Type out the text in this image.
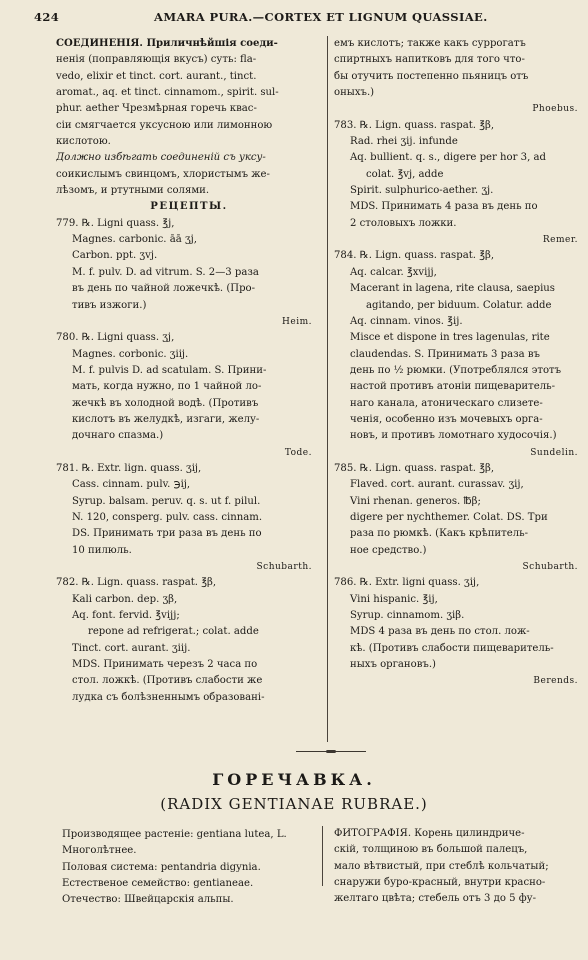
424	AMARA PURA.—CORTEX ET LIGNUM QUASSIAE.
СОЕДИНЕНІЯ. Приличнѣйшія соеди-
ненія (поправляющія вкусъ) суть: fla-
vedo, elixir et tinct. cort. aurant., tinct.
aromat., aq. et tinct. cinnamom., spirit. sul-
phur. aether Чрезмѣрная горечь квас-
сіи смягчается уксусною или лимонною
кислотою.
Должно избѣгать соединеній съ уксу-
соикислымъ свинцомъ, хлористымъ же-
лѣзомъ, и ртутными солями.
РЕЦЕПТЫ.
779. ℞. Ligni quass. ℥j,
Magnes. carbonic. āā ʒj,
Carbon. ppt. ʒvj.
M. f. pulv. D. ad vitrum. S. 2—3 раза
въ день по чайной ложечкѣ. (Про-
тивъ изжоги.)
Heim.
780. ℞. Ligni quass. ʒj,
Magnes. corbonic. ʒiij.
M. f. pulvis D. ad scatulam. S. Прини-
мать, когда нужно, по 1 чайной ло-
жечкѣ въ холодной водѣ. (Противъ
кислотъ въ желудкѣ, изгаги, желу-
дочнаго спазма.)
Tode.
781. ℞. Extr. lign. quass. ʒij,
Cass. cinnam. pulv. ℈ij,
Syrup. balsam. peruv. q. s. ut f. pilul.
N. 120, consperg. pulv. cass. cinnam.
DS. Принимать три раза въ день по
10 пилюль.
Schubarth.
782. ℞. Lign. quass. raspat. ℥β,
Kali carbon. dep. ʒβ,
Aq. font. fervid. ℥vijj;
repone ad refrigerat.; colat. adde
Tinct. cort. aurant. ʒiij.
MDS. Принимать черезъ 2 часа по
стол. ложкѣ. (Противъ слабости же
лудка съ болѣзненнымъ образовані-
емъ кислотъ; также какъ суррогатъ
спиртныхъ напитковъ для того что-
бы отучить постепенно пьяницъ отъ
оныхъ.)
Phoebus.
783. ℞. Lign. quass. raspat. ℥β,
Rad. rhei ʒij. infunde
Aq. bullient. q. s., digere per hor 3, ad
colat. ℥vj, adde
Spirit. sulphurico-aether. ʒj.
MDS. Принимать 4 раза въ день по
2 столовыхъ ложки.
Remer.
784. ℞. Lign. quass. raspat. ℥β,
Aq. calcar. ℥xvijj,
Macerant in lagena, rite clausa, saepius
agitando, per biduum. Colatur. adde
Aq. cinnam. vinos. ℥ij.
Misce et dispone in tres lagenulas, rite
claudendas. S. Принимать 3 раза въ
день по ½ рюмки. (Употреблялся этотъ
настой противъ атоніи пищеваритель-
наго канала, атоническаго слизете-
ченія, особенно изъ мочевыхъ орга-
новъ, и противъ ломотнаго худосочія.)
Sundelin.
785. ℞. Lign. quass. raspat. ℥β,
Flaved. cort. aurant. curassav. ʒij,
Vini rhenan. generos. ℔β;
digere per nychthemer. Colat. DS. Три
раза по рюмкѣ. (Какъ крѣпитель-
ное средство.)
Schubarth.
786. ℞. Extr. ligni quass. ʒij,
Vini hispanic. ℥ij,
Syrup. cinnamom. ʒiβ.
MDS 4 раза въ день по стол. лож-
кѣ. (Противъ слабости пищеваритель-
ныхъ органовъ.)
Berends.
ГОРЕЧАВКА.
(RADIX GENTIANAE RUBRAE.)
Производящее растеніе: gentiana lutea, L.
Многолѣтнее.
Половая система: pentandria digynia.
Естественое семейство: gentianeae.
Отечество: Швейцарскія альпы.
ФИТОГРАФІЯ. Корень цилиндриче-
скій, толщиною въ большой палецъ,
мало вѣтвистый, при стеблѣ кольчатый;
снаружи буро-красный, внутри красно-
желтаго цвѣта; стебель отъ 3 до 5 фу-
